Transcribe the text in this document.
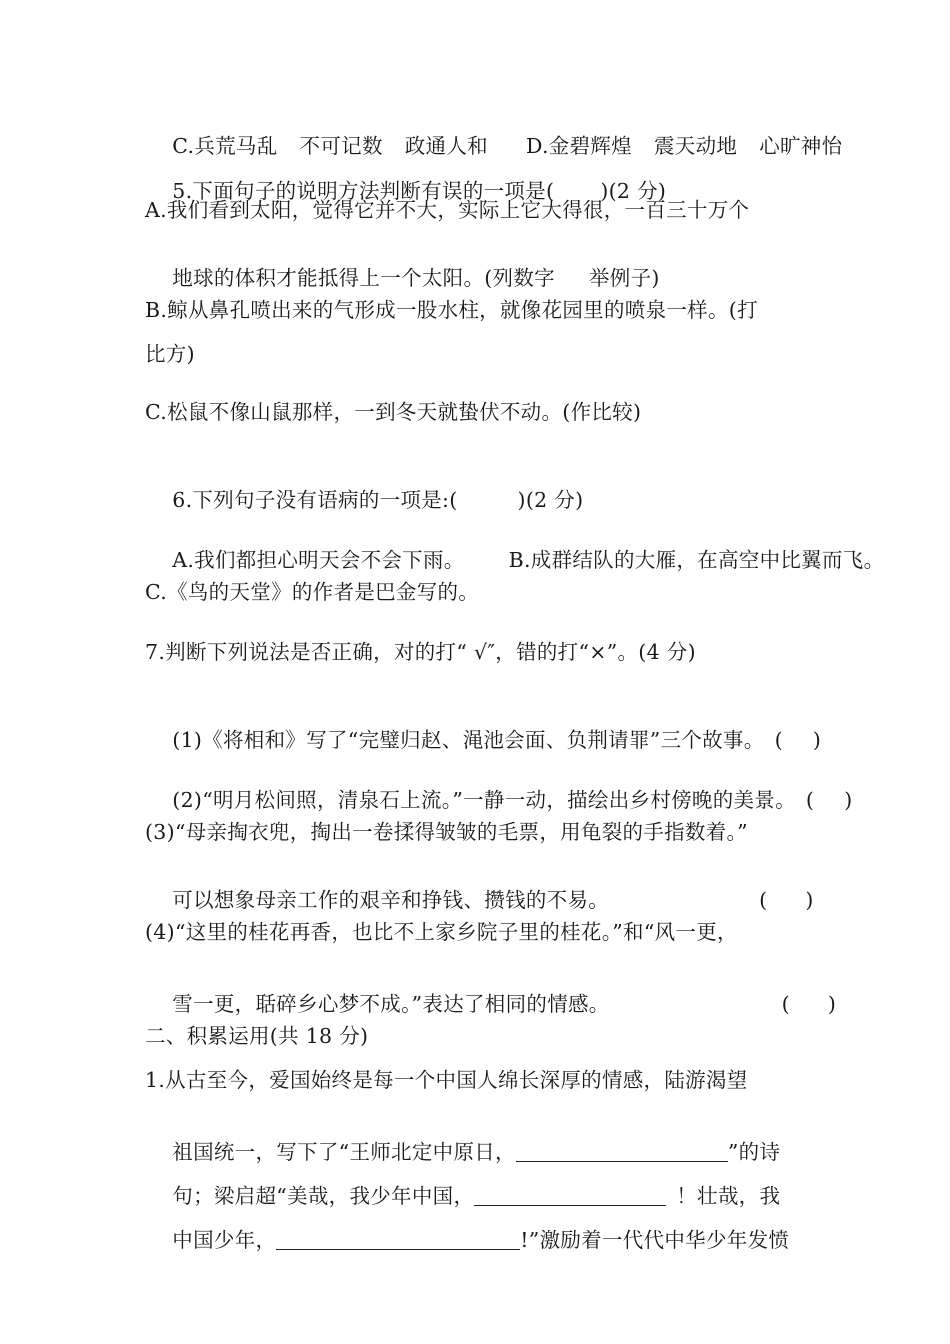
C.兵荒马乱 不可记数 政通人和 D.金碧辉煌 震天动地 心旷神怡

5.下面句子的说明方法判断有误的一项是( )(2 分)

A.我们看到太阳，觉得它并不大，实际上它大得很，一百三十万个

地球的体积才能抵得上一个太阳。(列数字 举例子)

B.鲸从鼻孔喷出来的气形成一股水柱，就像花园里的喷泉一样。(打
比方)
C.松鼠不像山鼠那样，一到冬天就蛰伏不动。(作比较)

6.下列句子没有语病的一项是:(	)(2 分)

A.我们都担心明天会不会下雨。 B.成群结队的大雁，在高空中比翼而飞。

C.《鸟的天堂》的作者是巴金写的。
7.判断下列说法是否正确，对的打“ √″，错的打“×”。(4 分)

(1)《将相和》写了“完璧归赵、渑池会面、负荆请罪”三个故事。 ( )

(2)“明月松间照，清泉石上流。”一静一动，描绘出乡村傍晚的美景。 ( )

(3)“母亲掏衣兜，掏出一卷揉得皱皱的毛票，用龟裂的手指数着。”

可以想象母亲工作的艰辛和挣钱、攒钱的不易。	( )

(4)“这里的桂花再香，也比不上家乡院子里的桂花。”和“风一更，

雪一更，聒碎乡心梦不成。”表达了相同的情感。	( )

二、积累运用(共 18 分)
1.从古至今，爱国始终是每一个中国人绵长深厚的情感，陆游渴望

祖国统一，写下了“王师北定中原日，	”的诗

句；梁启超“美哉，我少年中国，	！壮哉，我

中国少年，	!”激励着一代代中华少年发愤
